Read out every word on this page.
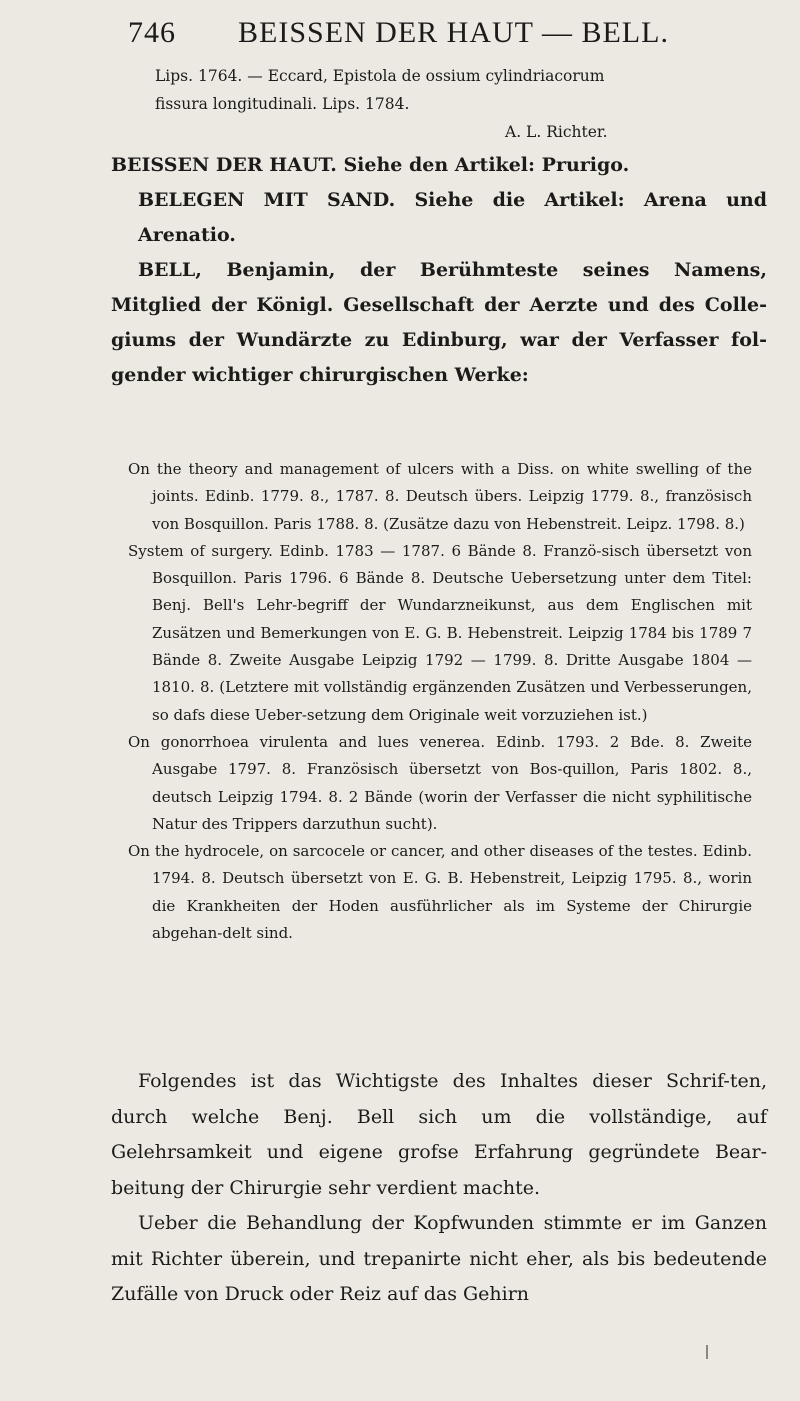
746 BEISSEN DER HAUT — BELL.

Lips. 1764. — Eccard, Epistola de ossium cylindriacorum

fissura longitudinali. Lips. 1784.

A. L. Richter.

BEISSEN DER HAUT. Siehe den Artikel: Prurigo.

BELEGEN MIT SAND. Siehe die Artikel: Arena und Arenatio.

BELL, Benjamin, der Berühmteste seines Namens, Mitglied der Königl. Gesellschaft der Aerzte und des Colle-giums der Wundärzte zu Edinburg, war der Verfasser fol-gender wichtiger chirurgischen Werke:

On the theory and management of ulcers with a Diss. on white swelling of the joints. Edinb. 1779. 8., 1787. 8. Deutsch übers. Leipzig 1779. 8., französisch von Bosquillon. Paris 1788. 8. (Zusätze dazu von Hebenstreit. Leipz. 1798. 8.)

System of surgery. Edinb. 1783 — 1787. 6 Bände 8. Franzö-sisch übersetzt von Bosquillon. Paris 1796. 6 Bände 8. Deutsche Uebersetzung unter dem Titel: Benj. Bell's Lehr-begriff der Wundarzneikunst, aus dem Englischen mit Zusätzen und Bemerkungen von E. G. B. Hebenstreit. Leipzig 1784 bis 1789 7 Bände 8. Zweite Ausgabe Leipzig 1792 — 1799. 8. Dritte Ausgabe 1804 — 1810. 8. (Letztere mit vollständig ergänzenden Zusätzen und Verbesserungen, so dafs diese Ueber-setzung dem Originale weit vorzuziehen ist.)

On gonorrhoea virulenta and lues venerea. Edinb. 1793. 2 Bde. 8. Zweite Ausgabe 1797. 8. Französisch übersetzt von Bos-quillon, Paris 1802. 8., deutsch Leipzig 1794. 8. 2 Bände (worin der Verfasser die nicht syphilitische Natur des Trippers darzuthun sucht).

On the hydrocele, on sarcocele or cancer, and other diseases of the testes. Edinb. 1794. 8. Deutsch übersetzt von E. G. B. Hebenstreit, Leipzig 1795. 8., worin die Krankheiten der Hoden ausführlicher als im Systeme der Chirurgie abgehan-delt sind.

Folgendes ist das Wichtigste des Inhaltes dieser Schrif-ten, durch welche Benj. Bell sich um die vollständige, auf Gelehrsamkeit und eigene grofse Erfahrung gegründete Bear-beitung der Chirurgie sehr verdient machte.

Ueber die Behandlung der Kopfwunden stimmte er im Ganzen mit Richter überein, und trepanirte nicht eher, als bis bedeutende Zufälle von Druck oder Reiz auf das Gehirn
